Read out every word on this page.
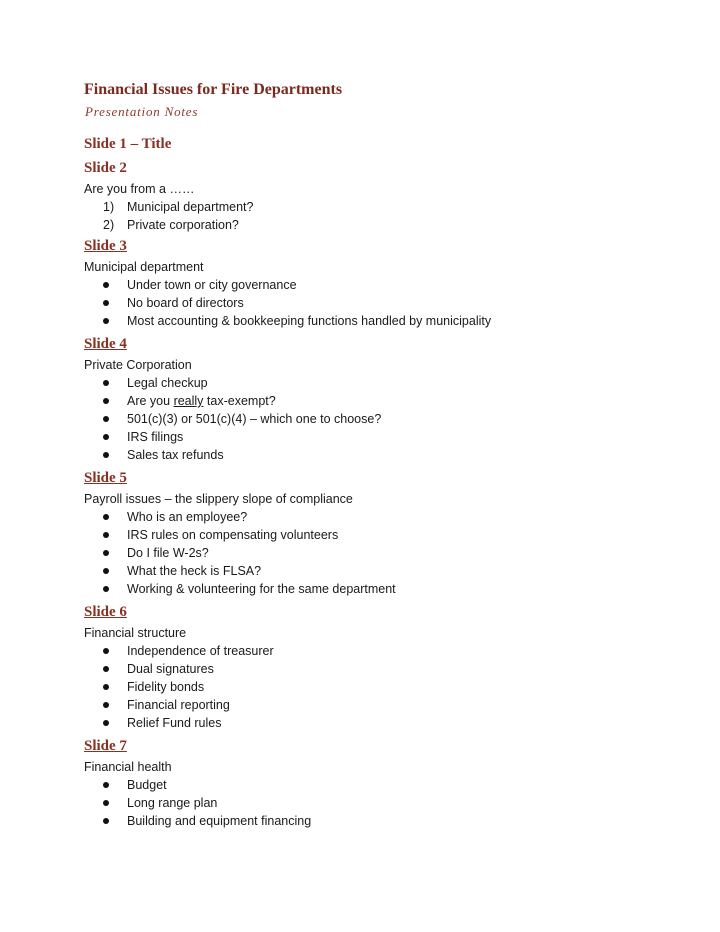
Financial Issues for Fire Departments

Presentation Notes

Slide 1 – Title
Slide 2
Are you from a ……
1) Municipal department?
2) Private corporation?
Slide 3
Municipal department
Under town or city governance
No board of directors
Most accounting & bookkeeping functions handled by municipality
Slide 4
Private Corporation
Legal checkup
Are you really tax-exempt?
501(c)(3) or 501(c)(4) – which one to choose?
IRS filings
Sales tax refunds
Slide 5
Payroll issues – the slippery slope of compliance
Who is an employee?
IRS rules on compensating volunteers
Do I file W-2s?
What the heck is FLSA?
Working & volunteering for the same department
Slide 6
Financial structure
Independence of treasurer
Dual signatures
Fidelity bonds
Financial reporting
Relief Fund rules
Slide 7
Financial health
Budget
Long range plan
Building and equipment financing
